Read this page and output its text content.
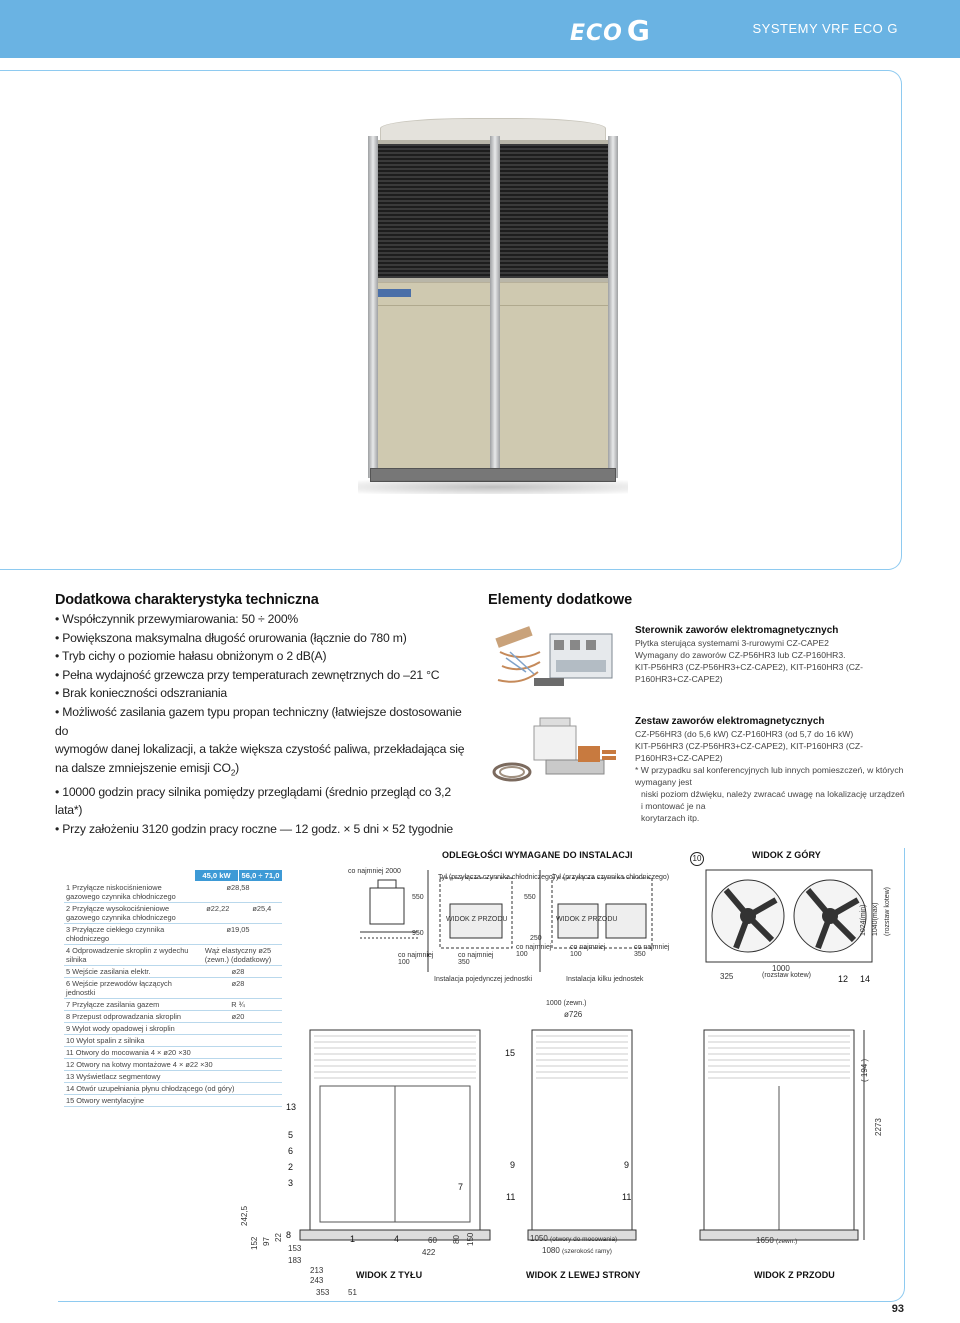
ECO G	SYSTEMY VRF ECO G
Dodatkowa charakterystyka techniczna
• Współczynnik przewymiarowania: 50 ÷ 200%
• Powiększona maksymalna długość orurowania (łącznie do 780 m)
• Tryb cichy o poziomie hałasu obniżonym o 2 dB(A)
• Pełna wydajność grzewcza przy temperaturach zewnętrznych do –21 °C
• Brak konieczności odszraniania
• Możliwość zasilania gazem typu propan techniczny (łatwiejsze dostosowanie do
wymogów danej lokalizacji, a także większa czystość paliwa, przekładająca się
na dalsze zmniejszenie emisji $CO_2$)
• 10000 godzin pracy silnika pomiędzy przeglądami (średnio przegląd co 3,2 lata*)
• Przy założeniu 3120 godzin pracy roczne — 12 godz. × 5 dni × 52 tygodnie
Elementy dodatkowe
Sterownik zaworów elektromagnetycznych
Płytka sterująca systemami 3-rurowymi CZ-CAPE2
Wymagany do zaworów CZ-P56HR3 lub CZ-P160HR3.
KIT-P56HR3 (CZ-P56HR3+CZ-CAPE2), KIT-P160HR3 (CZ-P160HR3+CZ-CAPE2)
Zestaw zaworów elektromagnetycznych
CZ-P56HR3 (do 5,6 kW) CZ-P160HR3 (od 5,7 do 16 kW)
KIT-P56HR3 (CZ-P56HR3+CZ-CAPE2), KIT-P160HR3 (CZ-P160HR3+CZ-CAPE2)
* W przypadku sal konferencyjnych lub innych pomieszczeń, w których wymagany jest
niski poziom dźwięku, należy zwracać uwagę na lokalizację urządzeń i montować je na
korytarzach itp.
45,0 kW	56,0 ÷ 71,0 kW
1 Przyłącze niskociśnieniowe gazowego czynnika chłodniczego	ø28,58	
2 Przyłącze wysokociśnieniowe gazowego czynnika chłodniczego	ø22,22	ø25,4
3 Przyłącze ciekłego czynnika chłodniczego	ø19,05	
4 Odprowadzenie skroplin z wydechu silnika	Wąż elastyczny ø25 (zewn.) (dodatkowy)	
5 Wejście zasilania elektr.	ø28	
6 Wejście przewodów łączących jednostki	ø28	
7 Przyłącze zasilania gazem	R ¾	
8 Przepust odprowadzania skroplin	ø20	
9 Wylot wody opadowej i skroplin		
10 Wylot spalin z silnika		
11 Otwory do mocowania 4 × ø20 ×30		
12 Otwory na kotwy montażowe 4 × ø22 ×30		
13 Wyświetlacz segmentowy		
14 Otwór uzupełniania płynu chłodzącego (od góry)		
15 Otwory wentylacyjne		
ODLEGŁOŚCI WYMAGANE DO INSTALACJI	WIDOK Z GÓRY
10
co najmniej 2000
Tył (przyłącza czynnika chłodniczego)
Tył (przyłącza czynnika chłodniczego)
WIDOK Z PRZODU	WIDOK Z PRZODU
550	550
950
250
co najmniej
100
co najmniej
350
co najmniej
100
co najmniej
100
co najmniej
350
Instalacja pojedynczej jednostki	Instalacja kilku jednostek
1024(min) 1040(max) (rozstaw kotew)
325
1000
(rozstaw kotew)	12 14
1000 (zewn.)
ø726
( 194 )
2273
13
5
6
2
3
15
9	9
7
11	11
8	1	4
242,5
152 97 22
153
183
213
243
353 51
60
422
80 150	1050 (otwory do mocowania)
1080 (szerokość ramy)
1650 (zewn.)
WIDOK Z TYŁU	WIDOK Z LEWEJ STRONY	WIDOK Z PRZODU
93
